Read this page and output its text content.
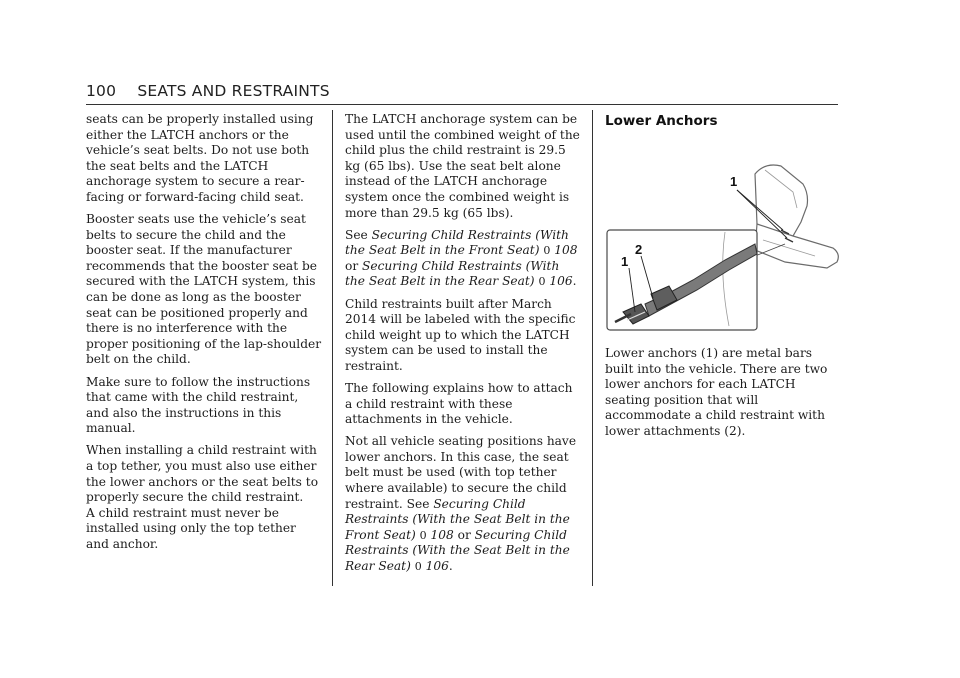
100 SEATS AND RESTRAINTS

seats can be properly installed using either the LATCH anchors or the vehicle’s seat belts. Do not use both the seat belts and the LATCH anchorage system to secure a rear-facing or forward-facing child seat.

Booster seats use the vehicle’s seat belts to secure the child and the booster seat. If the manufacturer recommends that the booster seat be secured with the LATCH system, this can be done as long as the booster seat can be positioned properly and there is no interference with the proper positioning of the lap-shoulder belt on the child.

Make sure to follow the instructions that came with the child restraint, and also the instructions in this manual.

When installing a child restraint with a top tether, you must also use either the lower anchors or the seat belts to properly secure the child restraint.
A child restraint must never be installed using only the top tether and anchor.

The LATCH anchorage system can be used until the combined weight of the child plus the child restraint is 29.5 kg (65 lbs). Use the seat belt alone instead of the LATCH anchorage system once the combined weight is more than 29.5 kg (65 lbs).

See Securing Child Restraints (With the Seat Belt in the Front Seat) 0 108 or Securing Child Restraints (With the Seat Belt in the Rear Seat) 0 106.

Child restraints built after March 2014 will be labeled with the specific child weight up to which the LATCH system can be used to install the restraint.

The following explains how to attach a child restraint with these attachments in the vehicle.

Not all vehicle seating positions have lower anchors. In this case, the seat belt must be used (with top tether where available) to secure the child restraint. See Securing Child Restraints (With the Seat Belt in the Front Seat) 0 108 or Securing Child Restraints (With the Seat Belt in the Rear Seat) 0 106.

Lower Anchors
1
2
1

Lower anchors (1) are metal bars built into the vehicle. There are two lower anchors for each LATCH seating position that will accommodate a child restraint with lower attachments (2).
